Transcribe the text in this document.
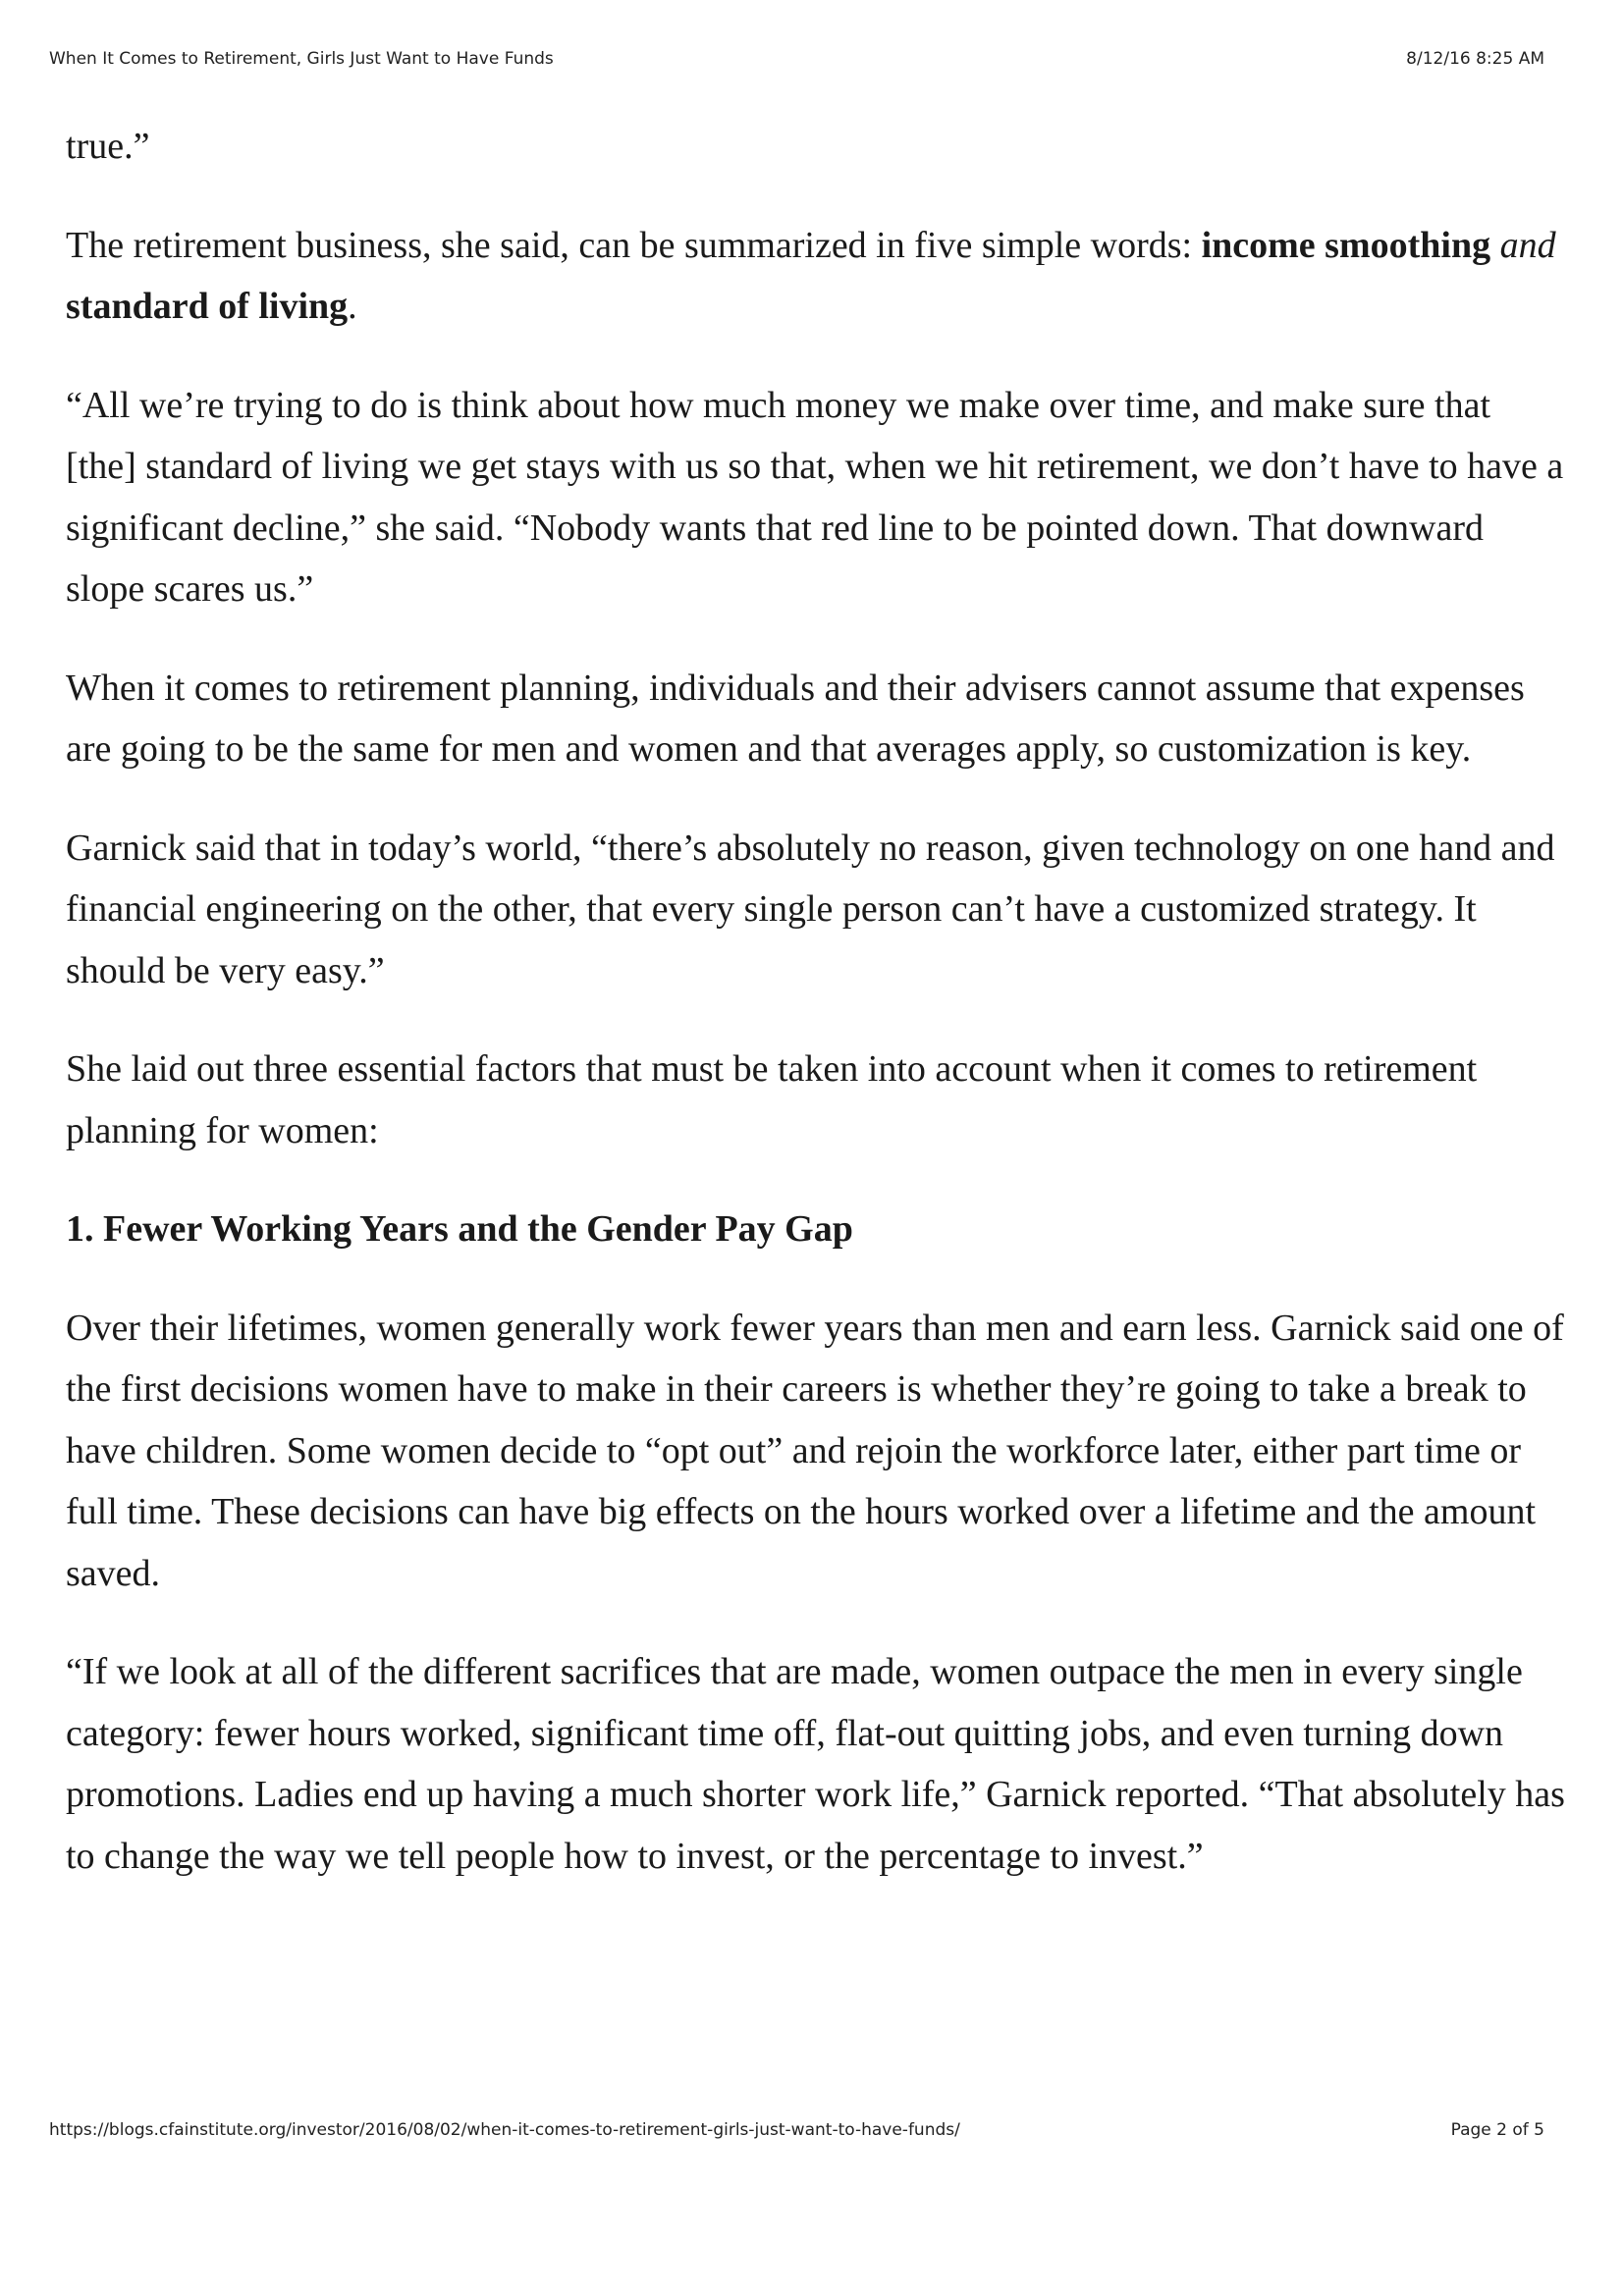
When It Comes to Retirement, Girls Just Want to Have Funds	8/12/16 8:25 AM

true.”

The retirement business, she said, can be summarized in five simple words: income smoothing and standard of living.

“All we’re trying to do is think about how much money we make over time, and make sure that [the] standard of living we get stays with us so that, when we hit retirement, we don’t have to have a significant decline,” she said. “Nobody wants that red line to be pointed down. That downward slope scares us.”

When it comes to retirement planning, individuals and their advisers cannot assume that expenses are going to be the same for men and women and that averages apply, so customization is key.

Garnick said that in today’s world, “there’s absolutely no reason, given technology on one hand and financial engineering on the other, that every single person can’t have a customized strategy. It should be very easy.”

She laid out three essential factors that must be taken into account when it comes to retirement planning for women:

1. Fewer Working Years and the Gender Pay Gap

Over their lifetimes, women generally work fewer years than men and earn less. Garnick said one of the first decisions women have to make in their careers is whether they’re going to take a break to have children. Some women decide to “opt out” and rejoin the workforce later, either part time or full time. These decisions can have big effects on the hours worked over a lifetime and the amount saved.

“If we look at all of the different sacrifices that are made, women outpace the men in every single category: fewer hours worked, significant time off, flat-out quitting jobs, and even turning down promotions. Ladies end up having a much shorter work life,” Garnick reported. “That absolutely has to change the way we tell people how to invest, or the percentage to invest.”

https://blogs.cfainstitute.org/investor/2016/08/02/when-it-comes-to-retirement-girls-just-want-to-have-funds/	Page 2 of 5
